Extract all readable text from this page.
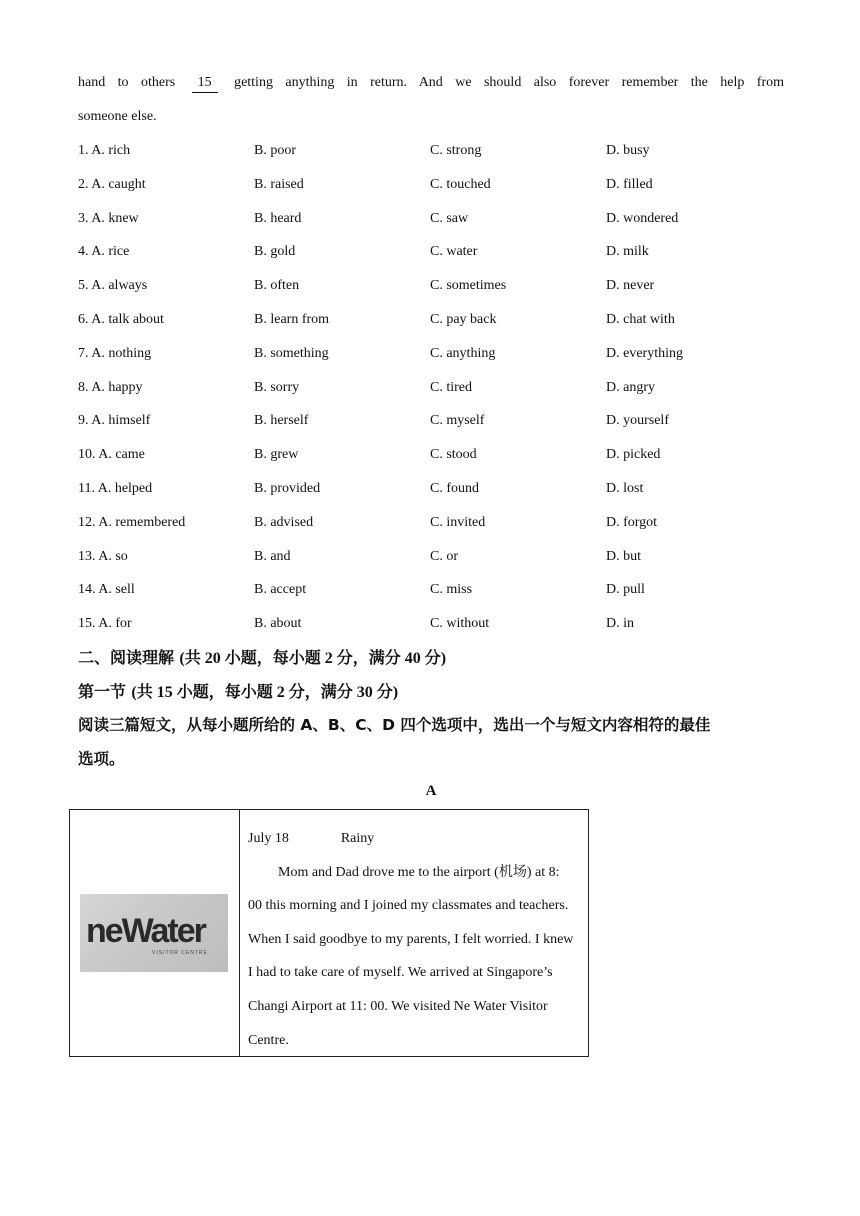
hand to others 15 getting anything in return. And we should also forever remember the help from
someone else.
1. A. rich	B. poor	C. strong	D. busy
2. A. caught	B. raised	C. touched	D. filled
3. A. knew	B. heard	C. saw	D. wondered
4. A. rice	B. gold	C. water	D. milk
5. A. always	B. often	C. sometimes	D. never
6. A. talk about	B. learn from	C. pay back	D. chat with
7. A. nothing	B. something	C. anything	D. everything
8. A. happy	B. sorry	C. tired	D. angry
9. A. himself	B. herself	C. myself	D. yourself
10. A. came	B. grew	C. stood	D. picked
11. A. helped	B. provided	C. found	D. lost
12. A. remembered	B. advised	C. invited	D. forgot
13. A. so	B. and	C. or	D. but
14. A. sell	B. accept	C. miss	D. pull
15. A. for	B. about	C. without	D. in
二、阅读理解 (共 20 小题，每小题 2 分，满分 40 分)
第一节 (共 15 小题，每小题 2 分，满分 30 分)
阅读三篇短文，从每小题所给的 A、B、C、D 四个选项中，选出一个与短文内容相符的最佳
选项。
A
neWater
VISITOR CENTRE
July 18	Rainy
Mom and Dad drove me to the airport (机场) at 8: 00 this morning and I joined my classmates and teachers. When I said goodbye to my parents, I felt worried. I knew I had to take care of myself. We arrived at Singapore’s Changi Airport at 11: 00. We visited Ne Water Visitor Centre.
